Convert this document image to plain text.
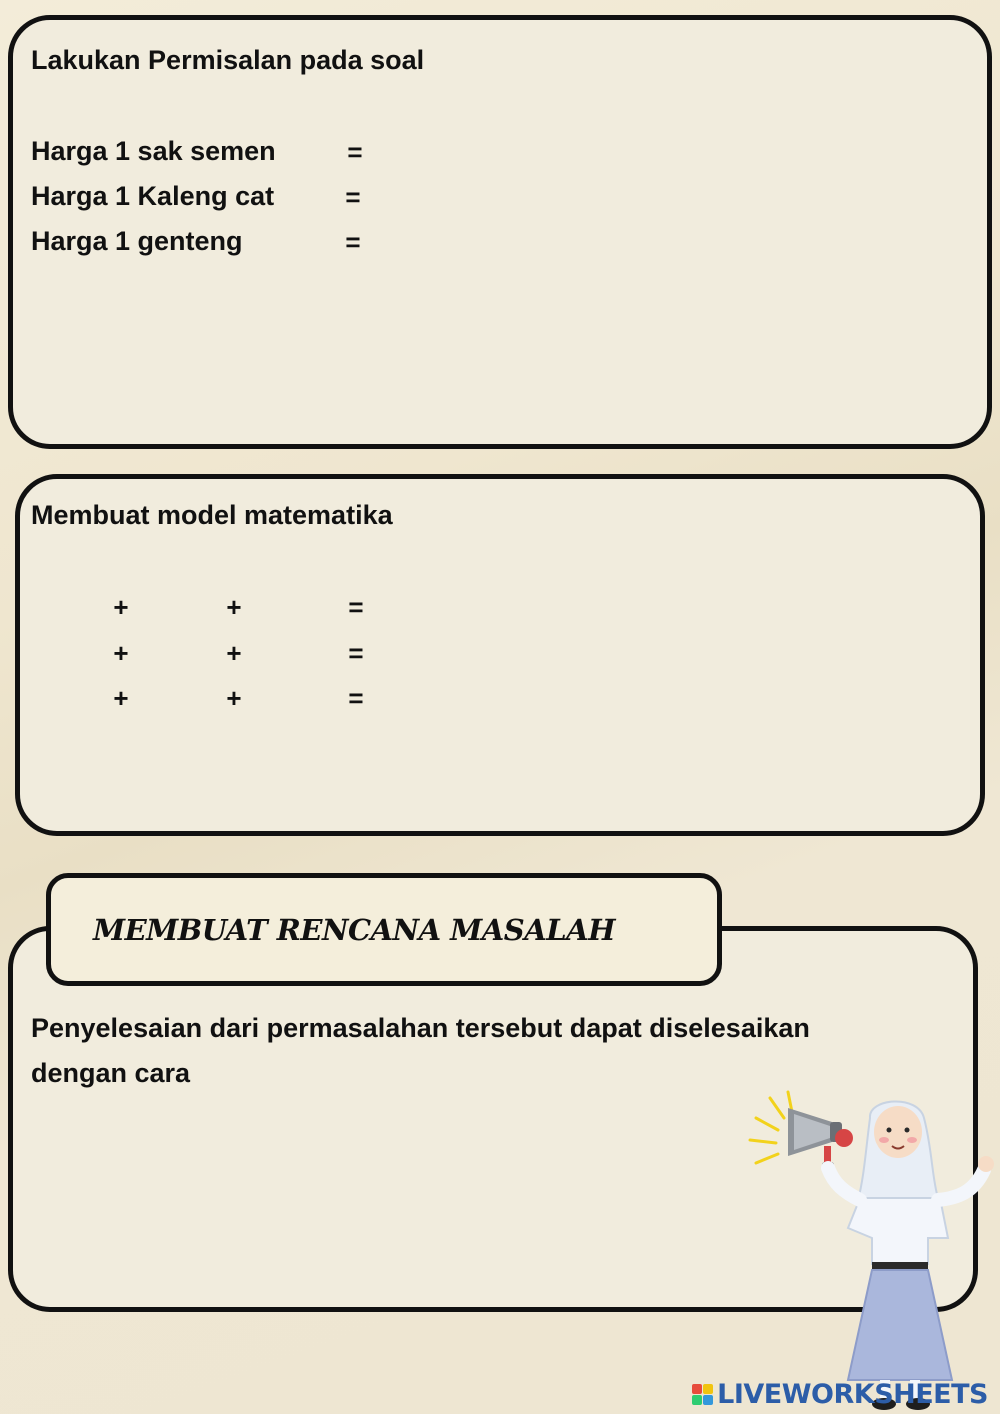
Lakukan Permisalan pada soal
Harga 1 sak semen	=
Harga 1 Kaleng cat	=
Harga 1 genteng	=
Membuat model matematika
+	+	=
+	+	=
+	+	=
MEMBUAT RENCANA MASALAH
Penyelesaian dari permasalahan tersebut dapat diselesaikan
dengan cara
LIVEWORKSHEETS
